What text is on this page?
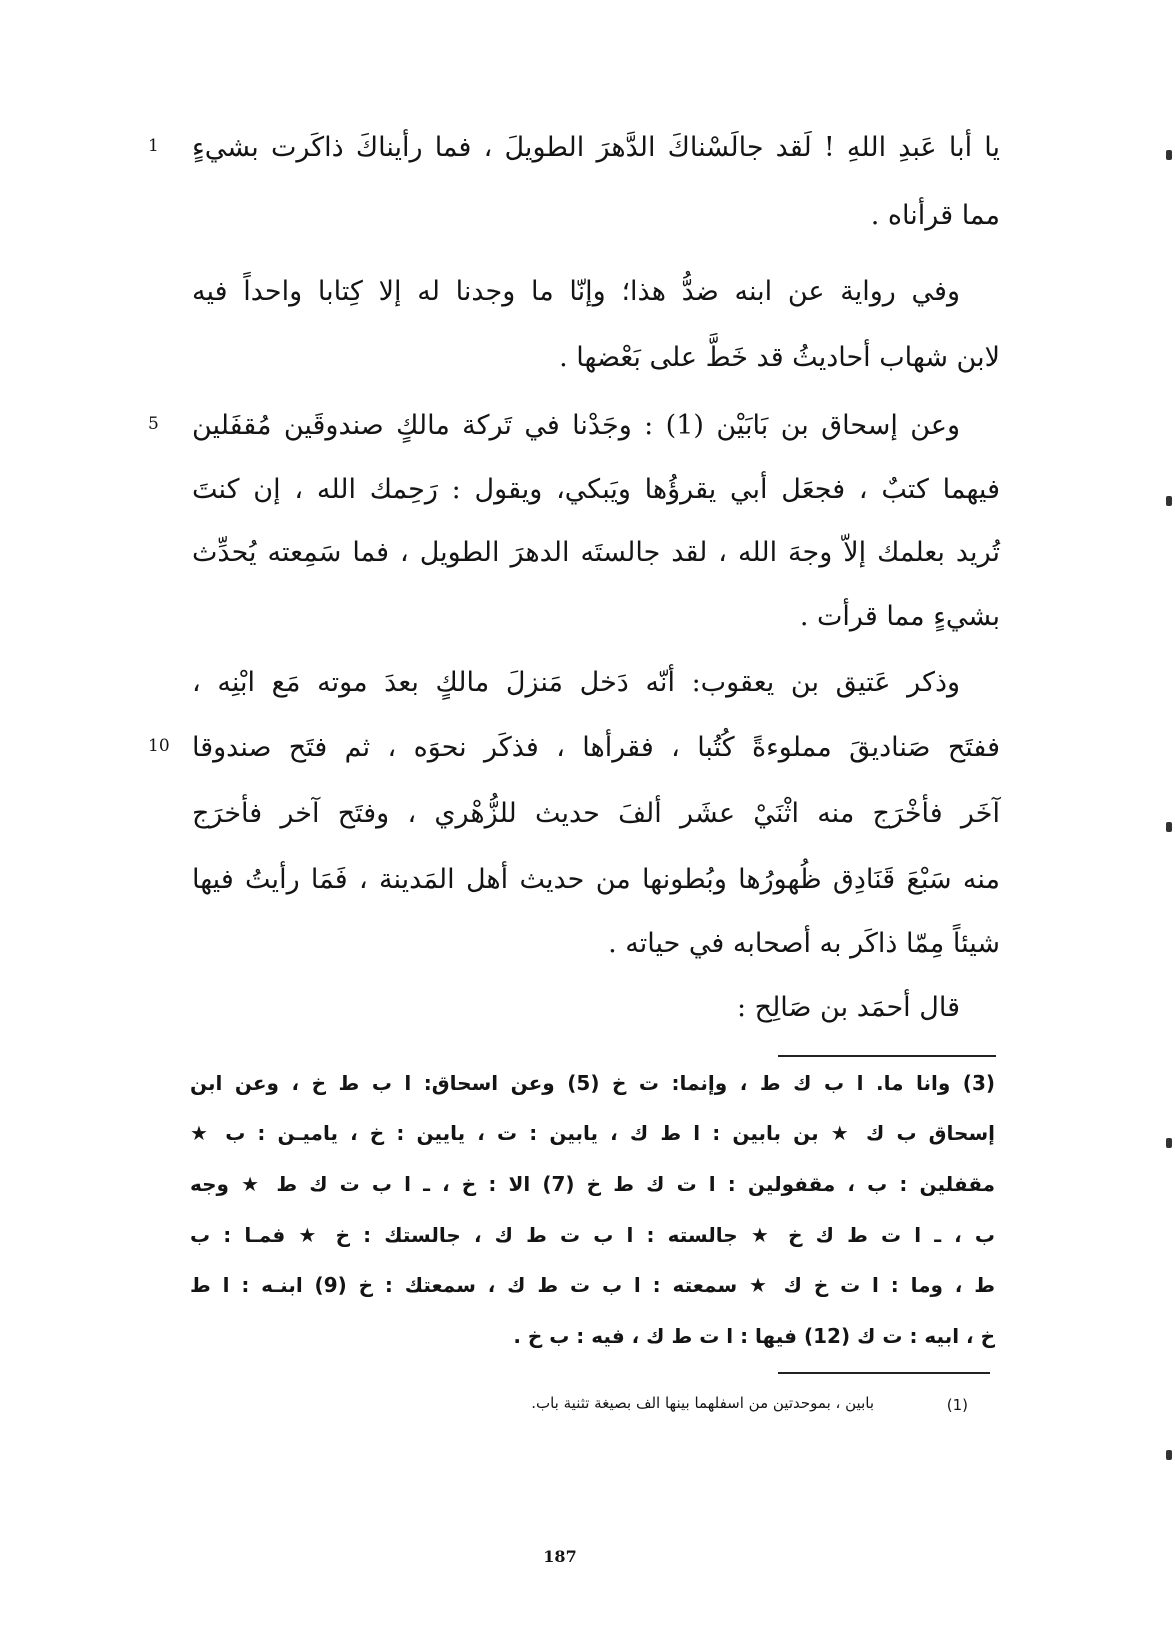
يا أبا عَبدِ اللهِ ! لَقد جالَسْناكَ الدَّهرَ الطويلَ ، فما رأيناكَ ذاكَرت بشيءٍ
مما قرأناه .
وفي رواية عن ابنه ضدُّ هذا؛ وإنّا ما وجدنا له إلا كِتابا واحداً فيه
لابن شهاب أحاديثُ قد خَطَّ على بَعْضها .
وعن إسحاق بن بَابَيْن (1) : وجَدْنا في تَركة مالكٍ صندوقَين مُقفَلين
فيهما كتبٌ ، فجعَل أبي يقرؤُها ويَبكي، ويقول : رَحِمك الله ، إن كنتَ
تُريد بعلمك إلاّ وجهَ الله ، لقد جالستَه الدهرَ الطويل ، فما سَمِعته يُحدِّث
بشيءٍ مما قرأت .
وذكر عَتيق بن يعقوب: أنّه دَخل مَنزلَ مالكٍ بعدَ موته مَع ابْنِه ،
ففتَح صَناديقَ مملوءةً كُتُبا ، فقرأها ، فذكَر نحوَه ، ثم فتَح صندوقا
آخَر فأخْرَج منه اثْنَيْ عشَر ألفَ حديث للزُّهْري ، وفتَح آخر فأخرَج
منه سَبْعَ قَنَادِق ظُهورُها وبُطونها من حديث أهل المَدينة ، فَمَا رأيتُ فيها
شيئاً مِمّا ذاكَر به أصحابه في حياته .
قال أحمَد بن صَالِح :
1
5
10
(3) وانا ما. ا ب ك ط ، وإنما: ت خ (5) وعن اسحاق: ا ب ط خ ، وعن ابن
إسحاق ب ك ★ بن بابين : ا ط ك ، يابين : ت ، يايين : خ ، ياميـن : ب ★
مقفلين : ب ، مقفولين : ا ت ك ط خ (7) الا : خ ، ـ ا ب ت ك ط ★ وجه
ب ، ـ ا ت ط ك خ ★ جالسته : ا ب ت ط ك ، جالستك : خ ★ فمـا : ب
ط ، وما : ا ت خ ك ★ سمعته : ا ب ت ط ك ، سمعتك : خ (9) ابنـه : ا ط
خ ، ابيه : ت ك (12) فيها : ا ت ط ك ، فيه : ب خ .
(1)
بابين ، بموحدتين من اسفلهما بينها الف بصيغة تثنية باب.
187
